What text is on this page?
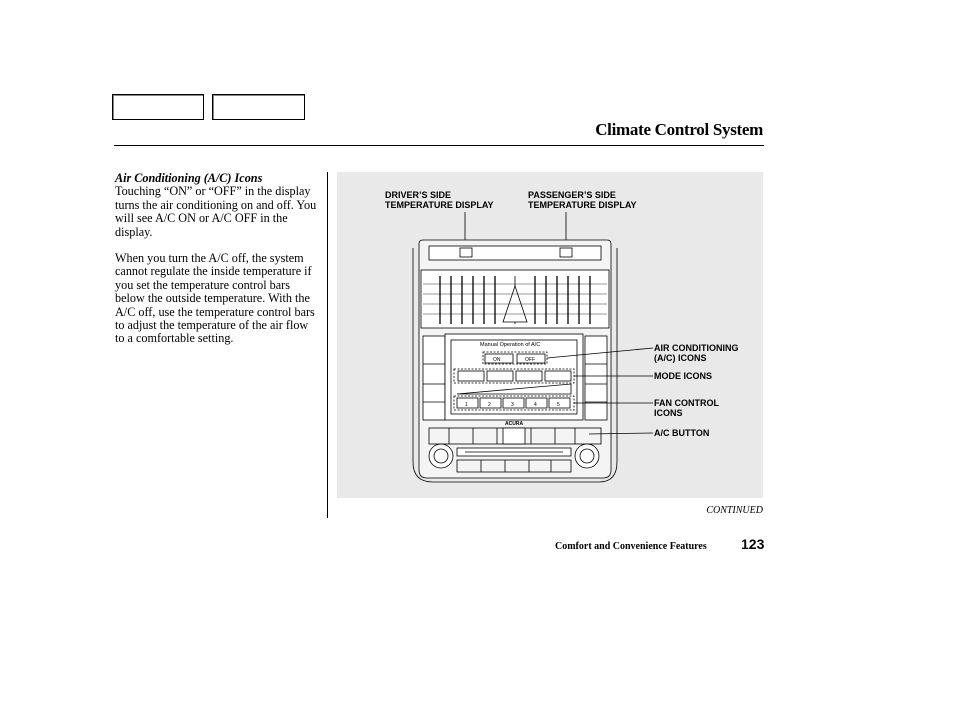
Climate Control System
Air Conditioning (A/C) Icons

Touching “ON” or “OFF” in the display turns the air conditioning on and off. You will see A/C ON or A/C OFF in the display.

When you turn the A/C off, the system cannot regulate the inside temperature if you set the temperature control bars below the outside temperature. With the A/C off, use the temperature control bars to adjust the temperature of the air flow to a comfortable setting.

DRIVER’S SIDE
TEMPERATURE DISPLAY
PASSENGER’S SIDE
TEMPERATURE DISPLAY
AIR CONDITIONING
(A/C) ICONS
MODE ICONS
FAN CONTROL
ICONS
A/C BUTTON
Manual Operation of A/C
ON	OFF
1	2	3	4	5
ACURA
CONTINUED
Comfort and Convenience Features 123
